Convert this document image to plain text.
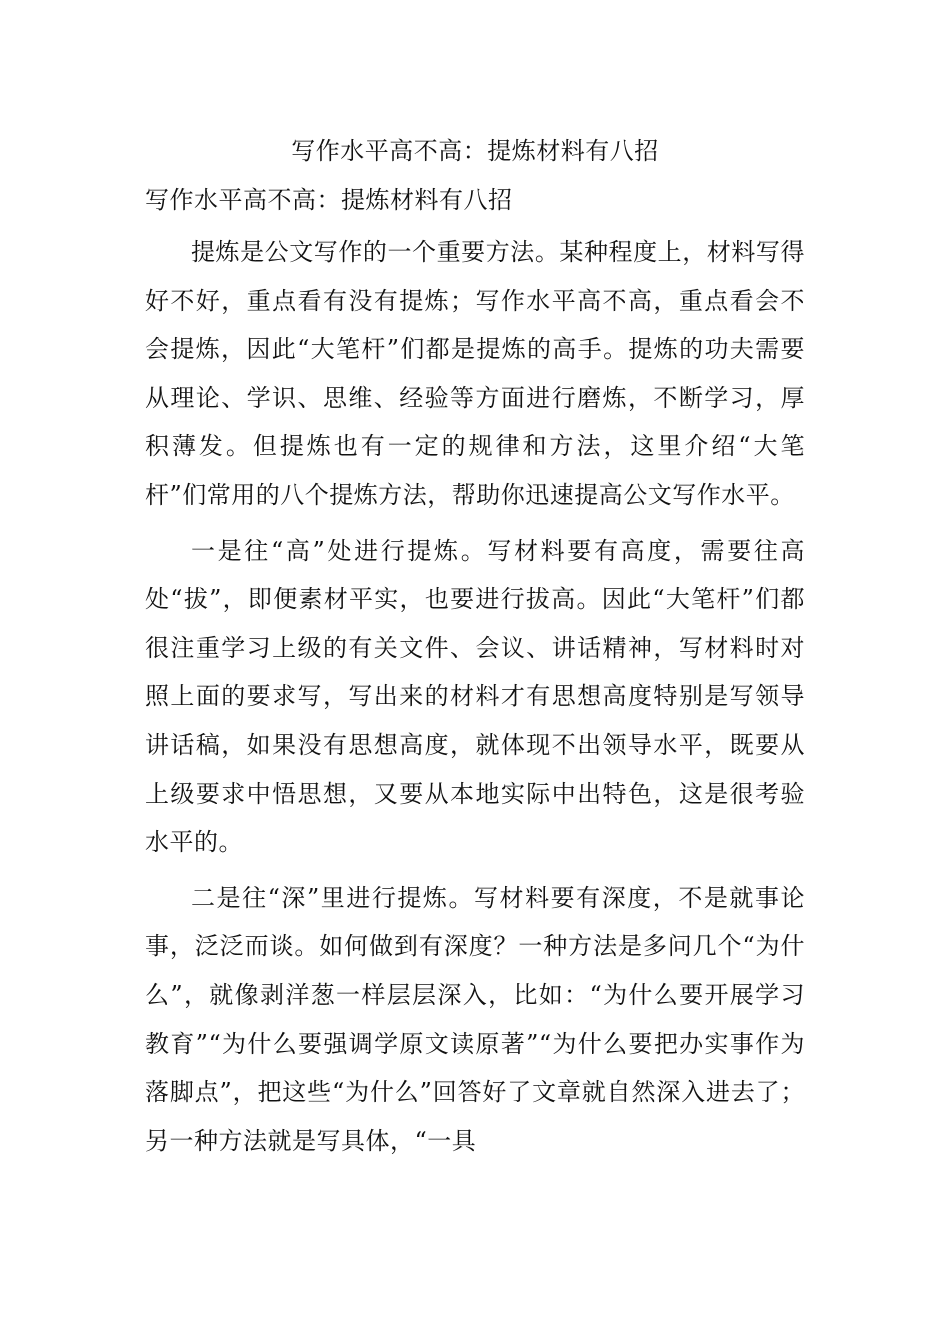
写作水平高不高：提炼材料有八招

写作水平高不高：提炼材料有八招

提炼是公文写作的一个重要方法。某种程度上，材料写得好不好，重点看有没有提炼；写作水平高不高，重点看会不会提炼，因此“大笔杆”们都是提炼的高手。提炼的功夫需要从理论、学识、思维、经验等方面进行磨炼，不断学习，厚积薄发。但提炼也有一定的规律和方法，这里介绍“大笔杆”们常用的八个提炼方法，帮助你迅速提高公文写作水平。

一是往“高”处进行提炼。写材料要有高度，需要往高处“拔”，即便素材平实，也要进行拔高。因此“大笔杆”们都很注重学习上级的有关文件、会议、讲话精神，写材料时对照上面的要求写，写出来的材料才有思想高度特别是写领导讲话稿，如果没有思想高度，就体现不出领导水平，既要从上级要求中悟思想，又要从本地实际中出特色，这是很考验水平的。

二是往“深”里进行提炼。写材料要有深度，不是就事论事，泛泛而谈。如何做到有深度？一种方法是多问几个“为什么”，就像剥洋葱一样层层深入，比如：“为什么要开展学习教育”“为什么要强调学原文读原著”“为什么要把办实事作为落脚点”，把这些“为什么”回答好了文章就自然深入进去了；另一种方法就是写具体，“一具
